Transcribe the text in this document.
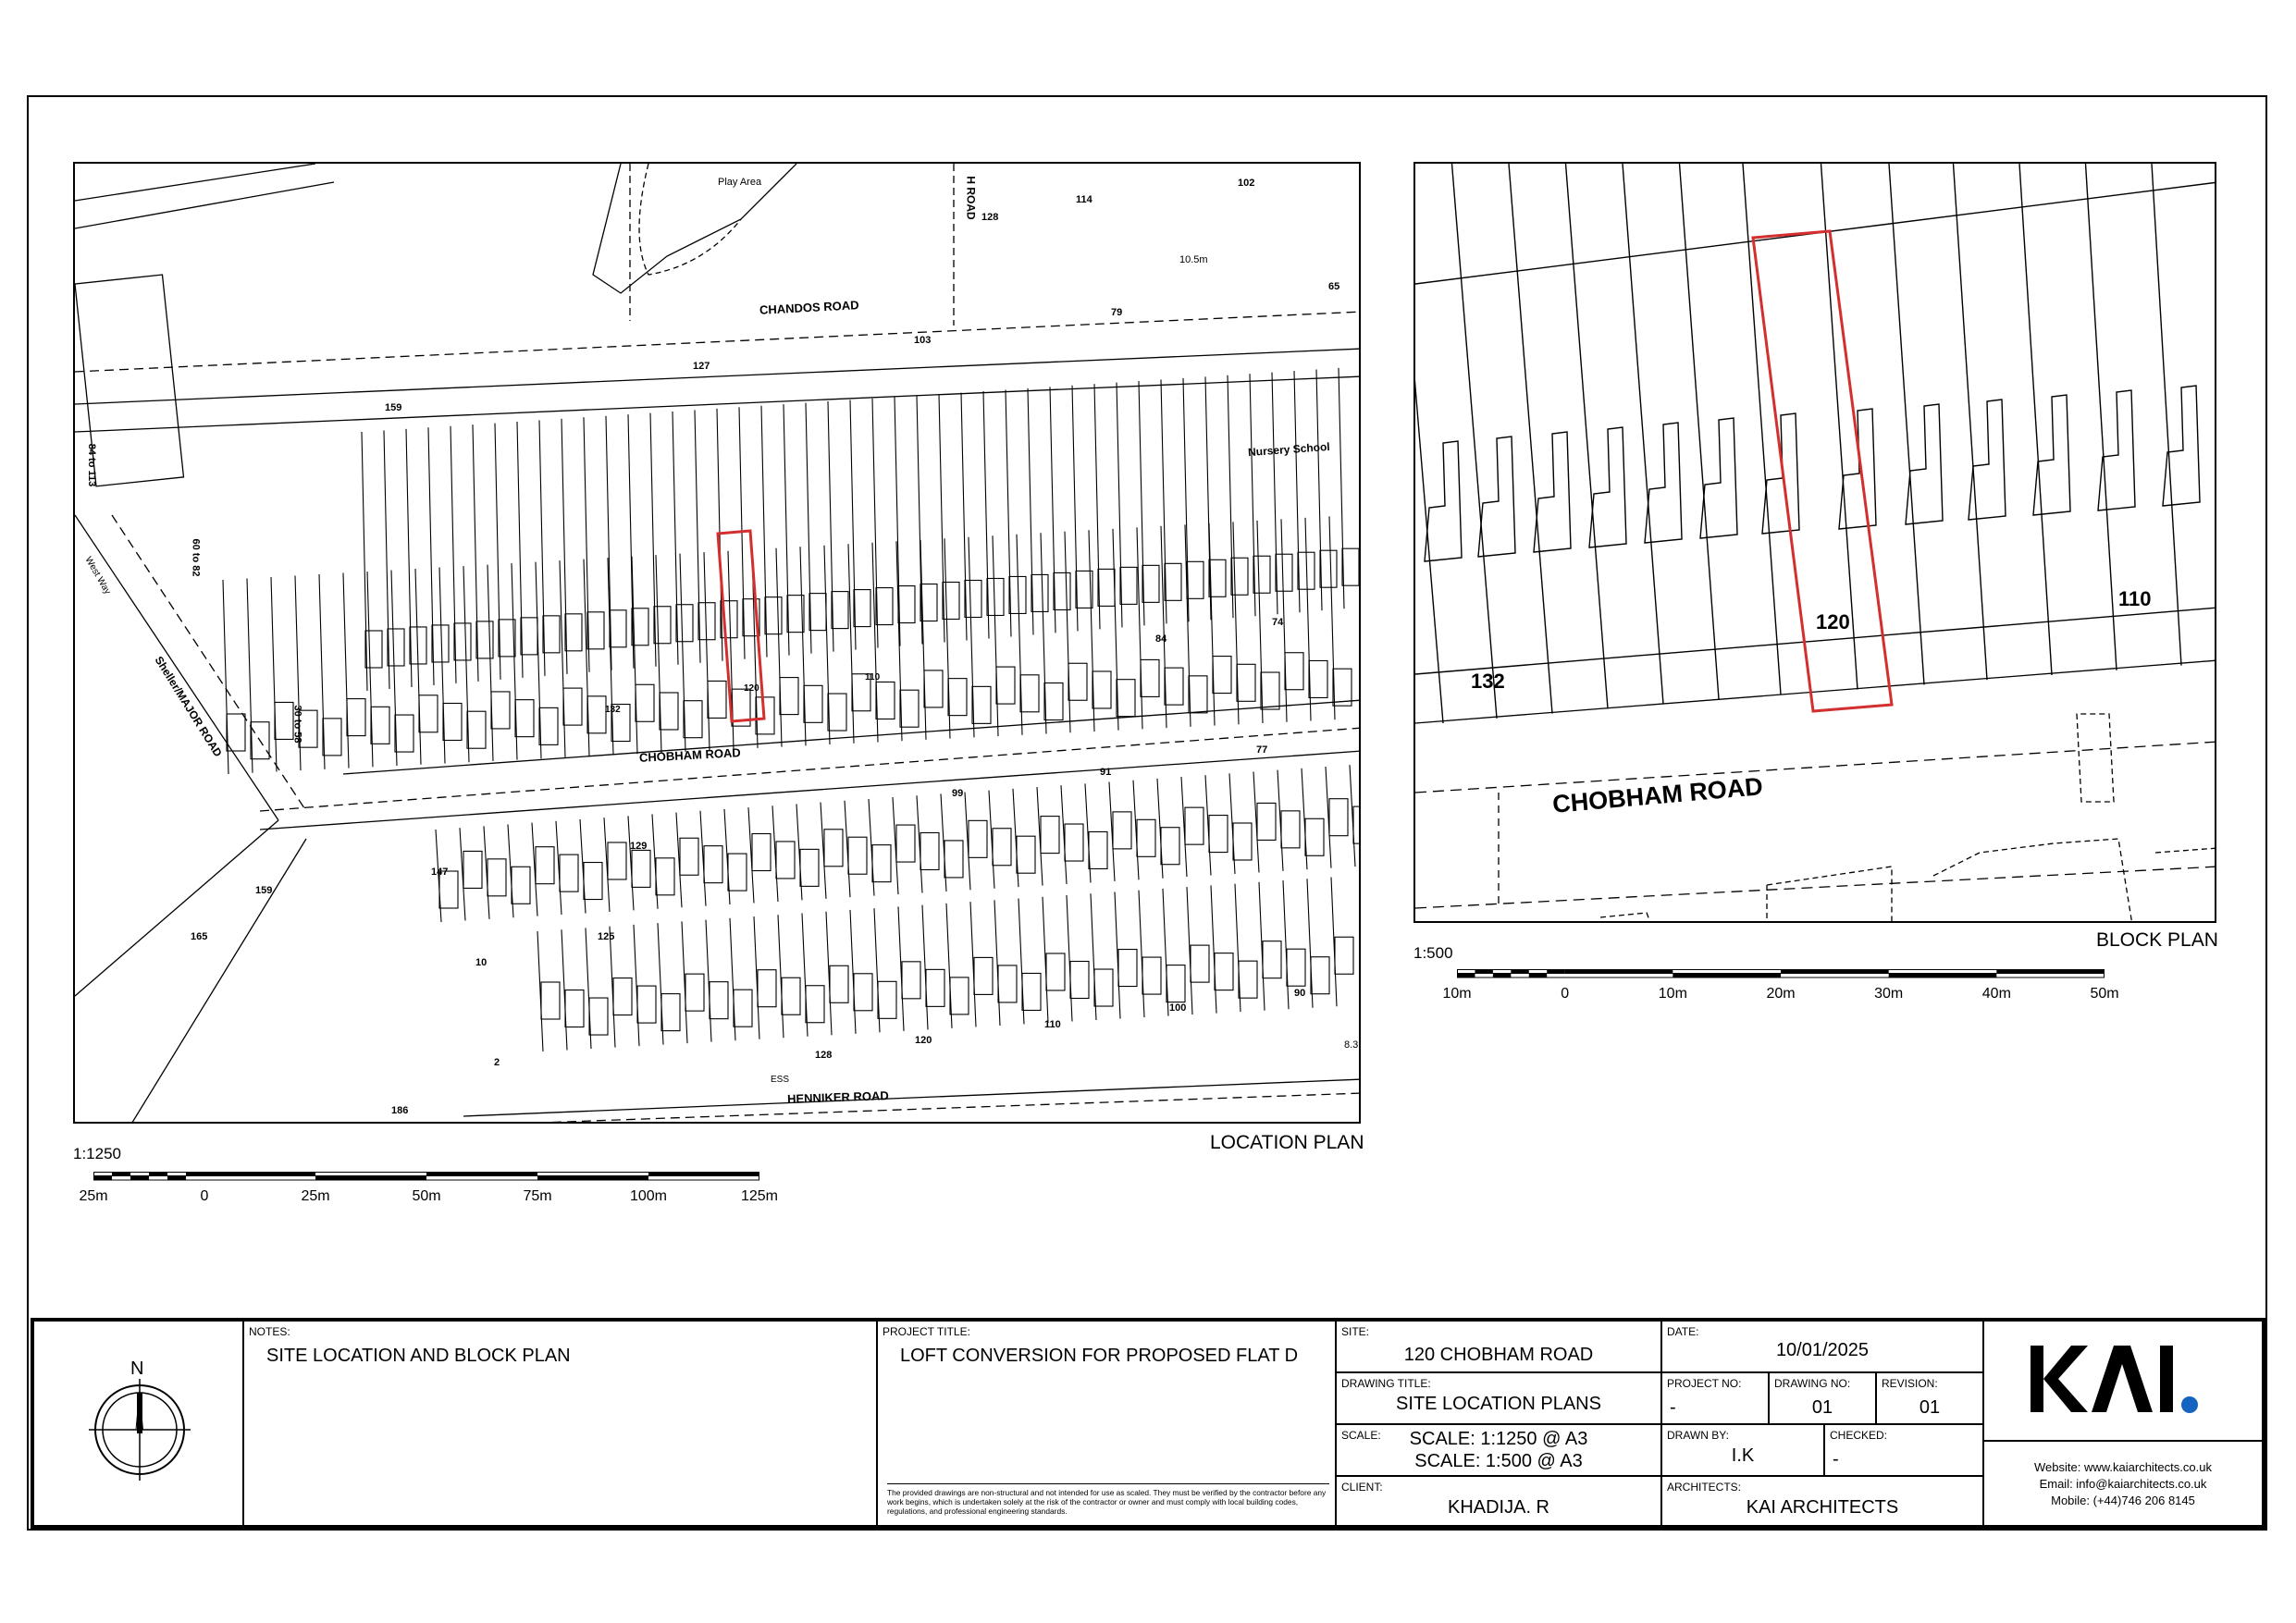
CHANDOS ROAD
CHOBHAM ROAD
HENNIKER ROAD
Sheller/MAJOR ROAD
Play Area
Nursery School
H ROAD
West Way
159
127
103
79
65
114
102
128
10.5m
84 to 113
60 to 82
30 to 58	132
120
110
84
74
99
91
77
129
147
125
165
159
10
2
128
120
110
100
90
186
ESS
8.3
LOCATION PLAN
1:1250
25m	0	25m	50m	75m	100m	125m
CHOBHAM ROAD
132
120
110
BLOCK PLAN
1:500
10m	0	10m	20m	30m	40m	50m
N
NOTES:
SITE LOCATION AND BLOCK PLAN
PROJECT TITLE:
LOFT CONVERSION FOR PROPOSED FLAT D
The provided drawings are non-structural and not intended for use as scaled. They must be verified by the contractor before any work begins, which is undertaken solely at the risk of the contractor or owner and must comply with local building codes, regulations, and professional engineering standards.
SITE:
120 CHOBHAM ROAD
DATE:
10/01/2025
DRAWING TITLE:
SITE LOCATION PLANS
PROJECT NO:
-
DRAWING NO:
01
REVISION:
01
SCALE:	SCALE: 1:1250 @ A3
SCALE: 1:500 @ A3
DRAWN BY:
I.K
CHECKED:
-
CLIENT:
KHADIJA. R
ARCHITECTS:
KAI ARCHITECTS
Website: www.kaiarchitects.co.uk
Email: info@kaiarchitects.co.uk
Mobile: (+44)746 206 8145
